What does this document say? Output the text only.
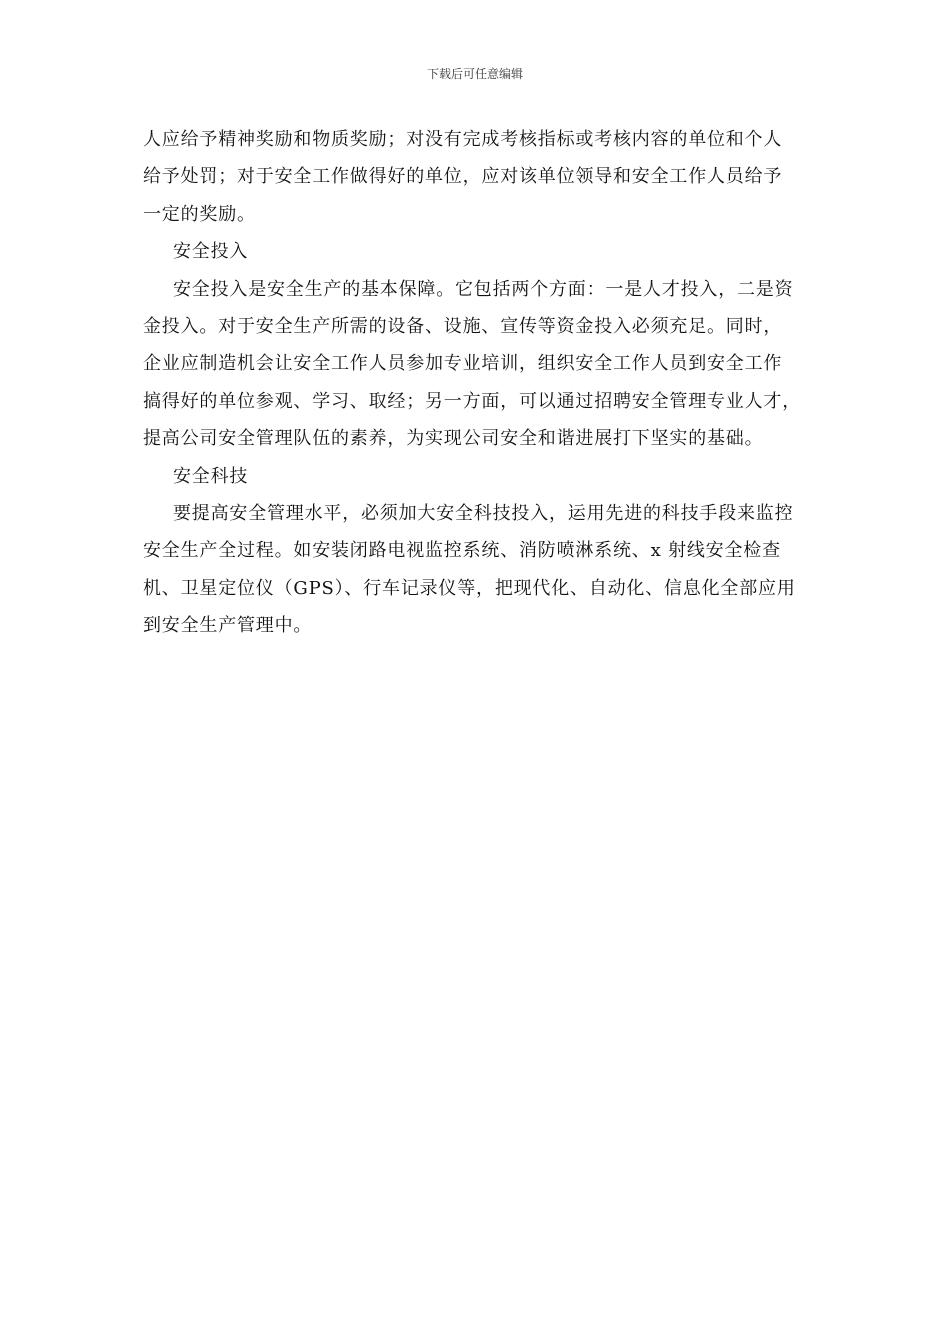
下载后可任意编辑
人应给予精神奖励和物质奖励；对没有完成考核指标或考核内容的单位和个人
给予处罚；对于安全工作做得好的单位，应对该单位领导和安全工作人员给予
一定的奖励。
安全投入
安全投入是安全生产的基本保障。它包括两个方面：一是人才投入，二是资
金投入。对于安全生产所需的设备、设施、宣传等资金投入必须充足。同时，
企业应制造机会让安全工作人员参加专业培训，组织安全工作人员到安全工作
搞得好的单位参观、学习、取经；另一方面，可以通过招聘安全管理专业人才，
提高公司安全管理队伍的素养，为实现公司安全和谐进展打下坚实的基础。
安全科技
要提高安全管理水平，必须加大安全科技投入，运用先进的科技手段来监控
安全生产全过程。如安装闭路电视监控系统、消防喷淋系统、x 射线安全检查
机、卫星定位仪（GPS）、行车记录仪等，把现代化、自动化、信息化全部应用
到安全生产管理中。
